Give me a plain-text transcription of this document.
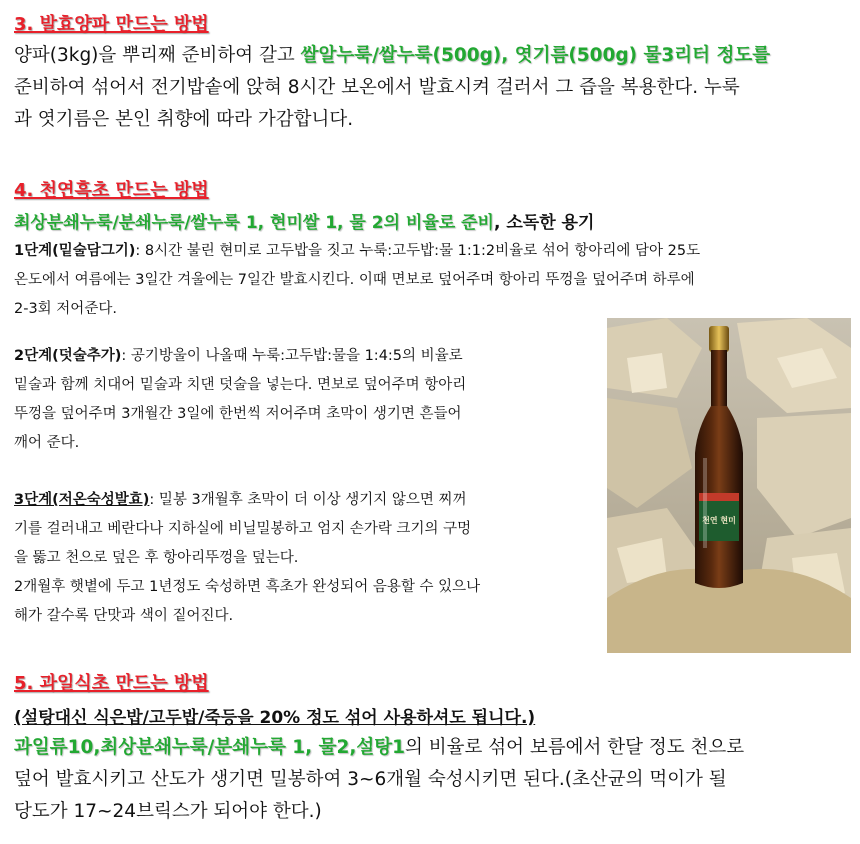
3. 발효양파 만드는 방법
양파(3kg)을 뿌리째 준비하여 갈고 쌀알누룩/쌀누룩(500g), 엿기름(500g) 물3리터 정도를
준비하여 섞어서 전기밥솥에 앉혀 8시간 보온에서 발효시켜 걸러서 그 즙을 복용한다. 누룩
과 엿기름은 본인 취향에 따라 가감합니다.
4. 천연흑초 만드는 방법
최상분쇄누룩/분쇄누룩/쌀누룩 1, 현미쌀 1, 물 2의 비율로 준비, 소독한 용기
1단계(밑술담그기): 8시간 불린 현미로 고두밥을 짓고 누룩:고두밥:물 1:1:2비율로 섞어 항아리에 담아 25도
온도에서 여름에는 3일간 겨울에는 7일간 발효시킨다. 이때 면보로 덮어주며 항아리 뚜껑을 덮어주며 하루에
2-3회 저어준다.
2단계(덧술추가): 공기방울이 나올때 누룩:고두밥:물을 1:4:5의 비율로
밑술과 함께 치대어 밑술과 치댄 덧술을 넣는다. 면보로 덮어주며 항아리
뚜껑을 덮어주며 3개월간 3일에 한번씩 저어주며 초막이 생기면 흔들어
깨어 준다.
3단계(저온숙성발효): 밀봉 3개월후 초막이 더 이상 생기지 않으면 찌꺼
기를 걸러내고 베란다나 지하실에 비닐밀봉하고 엄지 손가락 크기의 구멍
을 뚫고 천으로 덮은 후 항아리뚜껑을 덮는다.
2개월후 햇볕에 두고 1년정도 숙성하면 흑초가 완성되어 음용할 수 있으나
해가 갈수록 단맛과 색이 짙어진다.
천연 현미
5. 과일식초 만드는 방법
(설탕대신 식은밥/고두밥/죽등을 20% 정도 섞어 사용하셔도 됩니다.)
과일류10,최상분쇄누룩/분쇄누룩 1, 물2,설탕1의 비율로 섞어 보름에서 한달 정도 천으로
덮어 발효시키고 산도가 생기면 밀봉하여 3~6개월 숙성시키면 된다.(초산균의 먹이가 될
당도가 17~24브릭스가 되어야 한다.)
